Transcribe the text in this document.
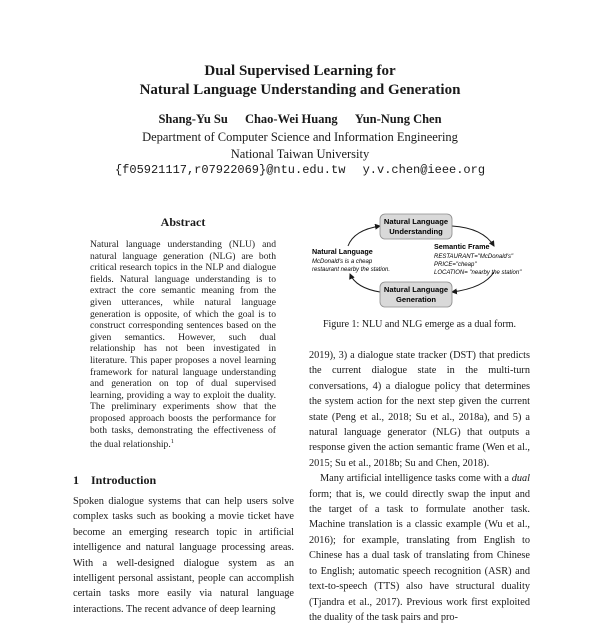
Dual Supervised Learning for
Natural Language Understanding and Generation
Shang-Yu Su Chao-Wei Huang Yun-Nung Chen
Department of Computer Science and Information Engineering
National Taiwan University
{f05921117,r07922069}@ntu.edu.tw y.v.chen@ieee.org
Abstract
Natural language understanding (NLU) and natural language generation (NLG) are both critical research topics in the NLP and dialogue fields. Natural language understanding is to extract the core semantic meaning from the given utterances, while natural language generation is opposite, of which the goal is to construct corresponding sentences based on the given semantics. However, such dual relationship has not been investigated in literature. This paper proposes a novel learning framework for natural language understanding and generation on top of dual supervised learning, providing a way to exploit the duality. The preliminary experiments show that the proposed approach boosts the performance for both tasks, demonstrating the effectiveness of the dual relationship.$^1$
1 Introduction
Spoken dialogue systems that can help users solve complex tasks such as booking a movie ticket have become an emerging research topic in artificial intelligence and natural language processing areas. With a well-designed dialogue system as an intelligent personal assistant, people can accomplish certain tasks more easily via natural language interactions. The recent advance of deep learning
Natural Language
Understanding
Natural Language
Generation
Natural Language
McDonald's is a cheap
restaurant nearby the station.
Semantic Frame
RESTAURANT="McDonald's"
PRICE="cheap"
LOCATION= "nearby the station"
Figure 1: NLU and NLG emerge as a dual form.

2019), 3) a dialogue state tracker (DST) that predicts the current dialogue state in the multi-turn conversations, 4) a dialogue policy that determines the system action for the next step given the current state (Peng et al., 2018; Su et al., 2018a), and 5) a natural language generator (NLG) that outputs a response given the action semantic frame (Wen et al., 2015; Su et al., 2018b; Su and Chen, 2018).

Many artificial intelligence tasks come with a dual form; that is, we could directly swap the input and the target of a task to formulate another task. Machine translation is a classic example (Wu et al., 2016); for example, translating from English to Chinese has a dual task of translating from Chinese to English; automatic speech recognition (ASR) and text-to-speech (TTS) also have structural duality (Tjandra et al., 2017). Previous work first exploited the duality of the task pairs and pro-
